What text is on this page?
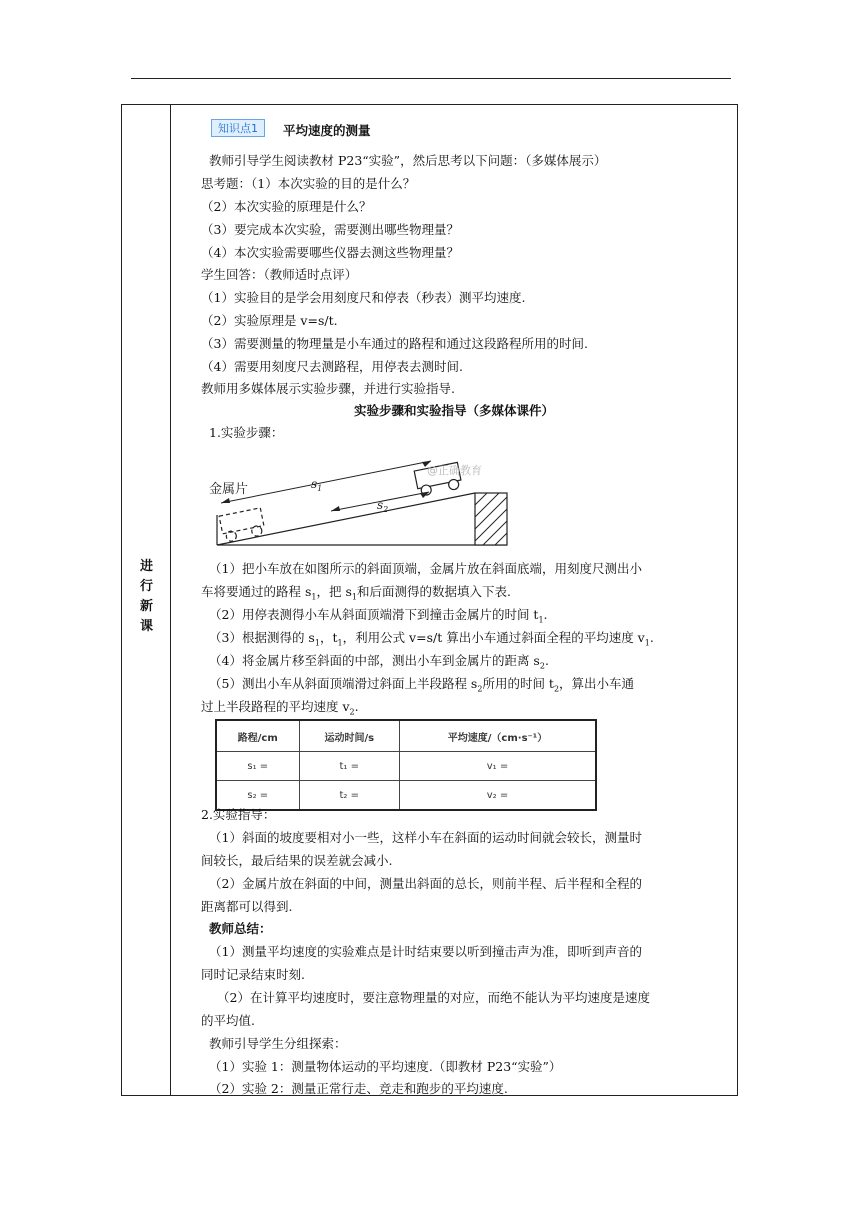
进
行
新
课
知识点1	平均速度的测量
教师引导学生阅读教材 P23“实验”，然后思考以下问题：（多媒体展示）
思考题：（1）本次实验的目的是什么？
（2）本次实验的原理是什么？
（3）要完成本次实验，需要测出哪些物理量？
（4）本次实验需要哪些仪器去测这些物理量？
学生回答：（教师适时点评）
（1）实验目的是学会用刻度尺和停表（秒表）测平均速度.
（2）实验原理是 v=s/t.
（3）需要测量的物理量是小车通过的路程和通过这段路程所用的时间.
（4）需要用刻度尺去测路程，用停表去测时间.
教师用多媒体展示实验步骤，并进行实验指导.
实验步骤和实验指导（多媒体课件）
1.实验步骤：
金属片	$s_1$
$s_2$
@正确教育
（1）把小车放在如图所示的斜面顶端，金属片放在斜面底端，用刻度尺测出小
车将要通过的路程 $s_1$，把 $s_1$和后面测得的数据填入下表.
（2）用停表测得小车从斜面顶端滑下到撞击金属片的时间 $t_1$.
（3）根据测得的 $s_1$，$t_1$，利用公式 v=s/t 算出小车通过斜面全程的平均速度 $v_1$.
（4）将金属片移至斜面的中部，测出小车到金属片的距离 $s_2$.
（5）测出小车从斜面顶端滑过斜面上半段路程 $s_2$所用的时间 $t_2$，算出小车通
过上半段路程的平均速度 $v_2$.
路程/cm	运动时间/s	平均速度/（cm·s⁻¹）
s₁ =	t₁ =	v₁ =
s₂ =	t₂ =	v₂ =
2.实验指导：
（1）斜面的坡度要相对小一些，这样小车在斜面的运动时间就会较长，测量时
间较长，最后结果的误差就会减小.
（2）金属片放在斜面的中间，测量出斜面的总长，则前半程、后半程和全程的
距离都可以得到.
教师总结：
（1）测量平均速度的实验难点是计时结束要以听到撞击声为准，即听到声音的
同时记录结束时刻.
（2）在计算平均速度时，要注意物理量的对应，而绝不能认为平均速度是速度
的平均值.
教师引导学生分组探索：
（1）实验 1：测量物体运动的平均速度.（即教材 P23“实验”）
（2）实验 2：测量正常行走、竞走和跑步的平均速度.
